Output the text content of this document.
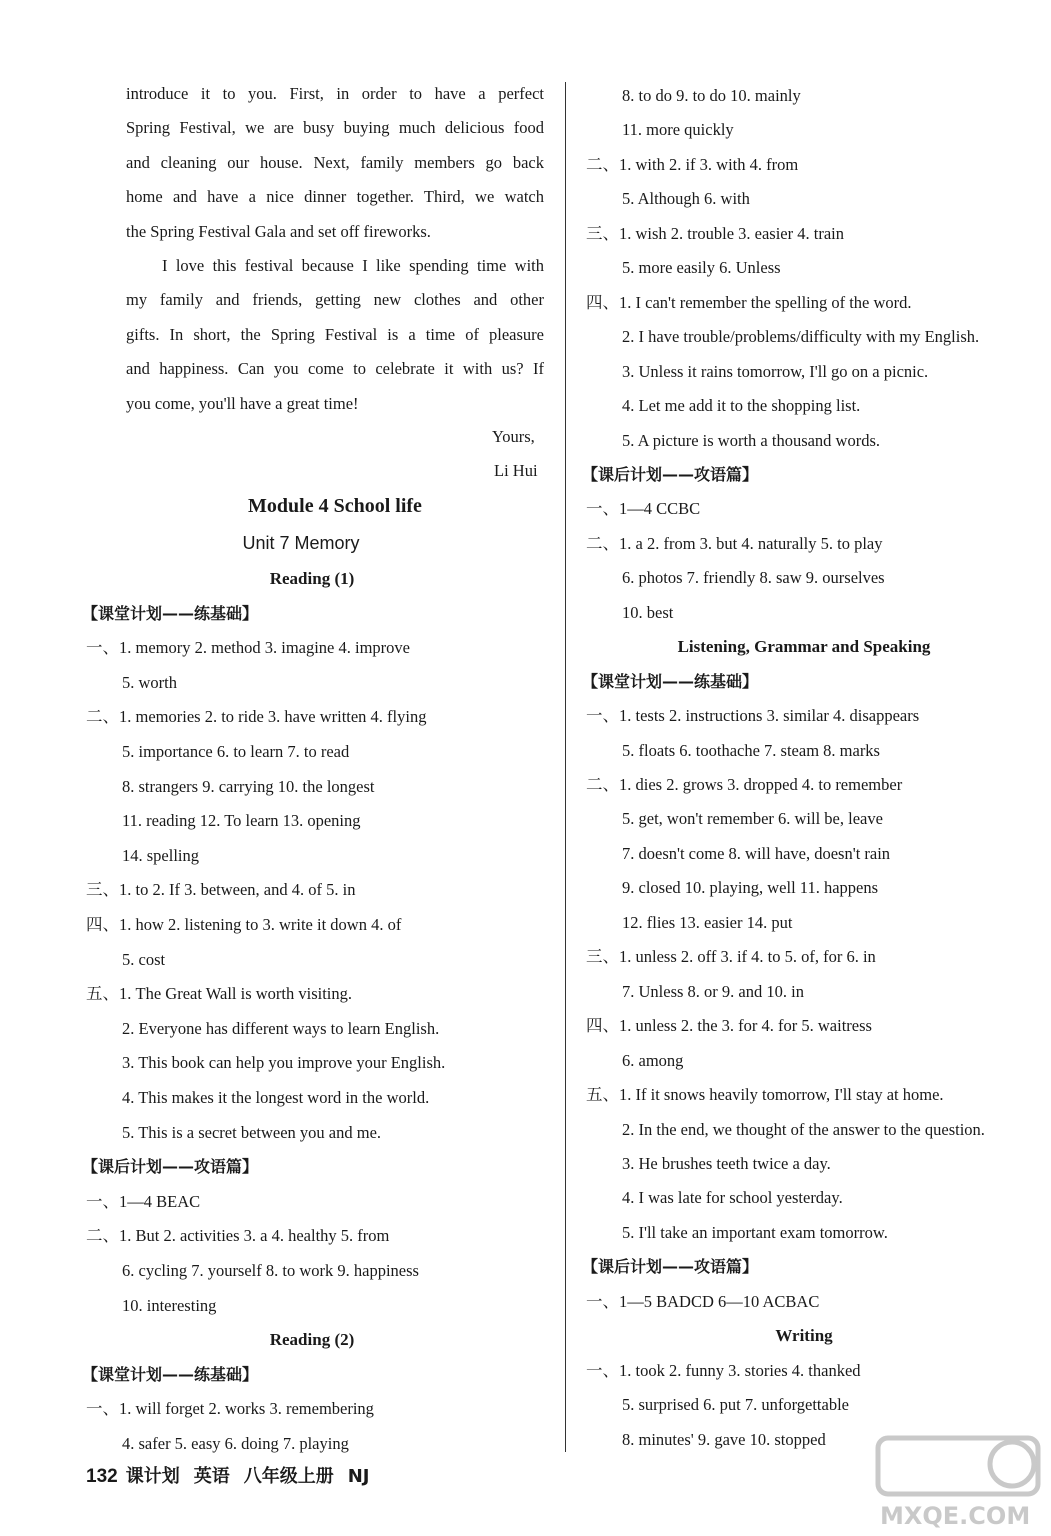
introduce it to you. First, in order to have a perfect
Spring Festival, we are busy buying much delicious food
and cleaning our house. Next, family members go back
home and have a nice dinner together. Third, we watch
the Spring Festival Gala and set off fireworks.
I love this festival because I like spending time with
my family and friends, getting new clothes and other
gifts. In short, the Spring Festival is a time of pleasure
and happiness. Can you come to celebrate it with us? If
you come, you'll have a great time!
Yours,
Li Hui
Module 4 School life
Unit 7 Memory
Reading (1)
【课堂计划——练基础】
一、1. memory 2. method 3. imagine 4. improve
5. worth
二、1. memories 2. to ride 3. have written 4. flying
5. importance 6. to learn 7. to read
8. strangers 9. carrying 10. the longest
11. reading 12. To learn 13. opening
14. spelling
三、1. to 2. If 3. between, and 4. of 5. in
四、1. how 2. listening to 3. write it down 4. of
5. cost
五、1. The Great Wall is worth visiting.
2. Everyone has different ways to learn English.
3. This book can help you improve your English.
4. This makes it the longest word in the world.
5. This is a secret between you and me.
【课后计划——攻语篇】
一、1—4 BEAC
二、1. But 2. activities 3. a 4. healthy 5. from
6. cycling 7. yourself 8. to work 9. happiness
10. interesting
Reading (2)
【课堂计划——练基础】
一、1. will forget 2. works 3. remembering
4. safer 5. easy 6. doing 7. playing
8. to do 9. to do 10. mainly
11. more quickly
二、1. with 2. if 3. with 4. from
5. Although 6. with
三、1. wish 2. trouble 3. easier 4. train
5. more easily 6. Unless
四、1. I can't remember the spelling of the word.
2. I have trouble/problems/difficulty with my English.
3. Unless it rains tomorrow, I'll go on a picnic.
4. Let me add it to the shopping list.
5. A picture is worth a thousand words.
【课后计划——攻语篇】
一、1—4 CCBC
二、1. a 2. from 3. but 4. naturally 5. to play
6. photos 7. friendly 8. saw 9. ourselves
10. best
Listening, Grammar and Speaking
【课堂计划——练基础】
一、1. tests 2. instructions 3. similar 4. disappears
5. floats 6. toothache 7. steam 8. marks
二、1. dies 2. grows 3. dropped 4. to remember
5. get, won't remember 6. will be, leave
7. doesn't come 8. will have, doesn't rain
9. closed 10. playing, well 11. happens
12. flies 13. easier 14. put
三、1. unless 2. off 3. if 4. to 5. of, for 6. in
7. Unless 8. or 9. and 10. in
四、1. unless 2. the 3. for 4. for 5. waitress
6. among
五、1. If it snows heavily tomorrow, I'll stay at home.
2. In the end, we thought of the answer to the question.
3. He brushes teeth twice a day.
4. I was late for school yesterday.
5. I'll take an important exam tomorrow.
【课后计划——攻语篇】
一、1—5 BADCD 6—10 ACBAC
Writing
一、1. took 2. funny 3. stories 4. thanked
5. surprised 6. put 7. unforgettable
8. minutes' 9. gave 10. stopped
132 课计划 英语 八年级上册 NJ
MXQE.COM
